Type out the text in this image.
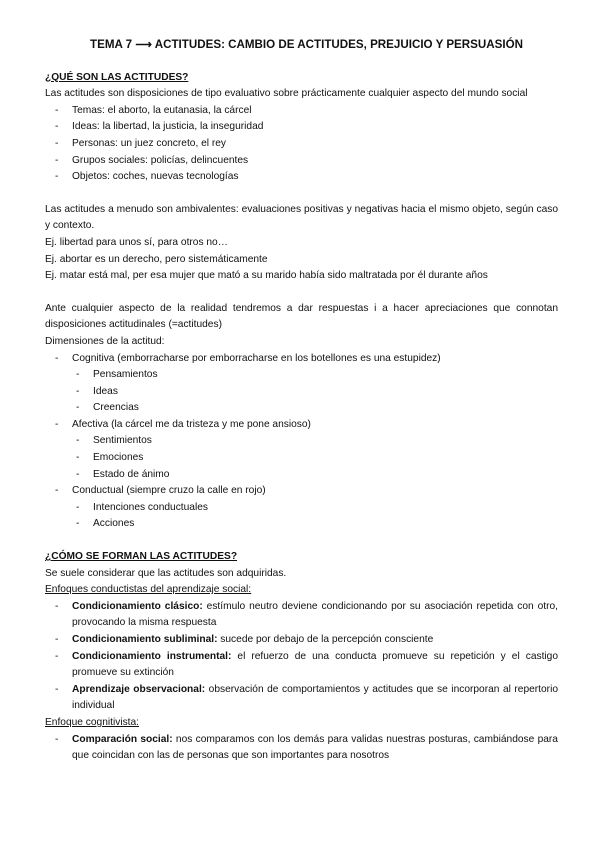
TEMA 7 ⟶ ACTITUDES: CAMBIO DE ACTITUDES, PREJUICIO Y PERSUASIÓN
¿QUÉ SON LAS ACTITUDES?
Las actitudes son disposiciones de tipo evaluativo sobre prácticamente cualquier aspecto del mundo social
- Temas: el aborto, la eutanasia, la cárcel
- Ideas: la libertad, la justicia, la inseguridad
- Personas: un juez concreto, el rey
- Grupos sociales: policías, delincuentes
- Objetos: coches, nuevas tecnologías
Las actitudes a menudo son ambivalentes: evaluaciones positivas y negativas hacia el mismo objeto, según caso y contexto.
Ej. libertad para unos sí, para otros no…
Ej. abortar es un derecho, pero sistemáticamente
Ej. matar está mal, per esa mujer que mató a su marido había sido maltratada por él durante años
Ante cualquier aspecto de la realidad tendremos a dar respuestas i a hacer apreciaciones que connotan disposiciones actitudinales (=actitudes)
Dimensiones de la actitud:
- Cognitiva (emborracharse por emborracharse en los botellones es una estupidez)
- Pensamientos
- Ideas
- Creencias
- Afectiva (la cárcel me da tristeza y me pone ansioso)
- Sentimientos
- Emociones
- Estado de ánimo
- Conductual (siempre cruzo la calle en rojo)
- Intenciones conductuales
- Acciones
¿CÓMO SE FORMAN LAS ACTITUDES?
Se suele considerar que las actitudes son adquiridas.
Enfoques conductistas del aprendizaje social:
- Condicionamiento clásico: estímulo neutro deviene condicionando por su asociación repetida con otro, provocando la misma respuesta
- Condicionamiento subliminal: sucede por debajo de la percepción consciente
- Condicionamiento instrumental: el refuerzo de una conducta promueve su repetición y el castigo promueve su extinción
- Aprendizaje observacional: observación de comportamientos y actitudes que se incorporan al repertorio individual
Enfoque cognitivista:
- Comparación social: nos comparamos con los demás para validas nuestras posturas, cambiándose para que coincidan con las de personas que son importantes para nosotros
